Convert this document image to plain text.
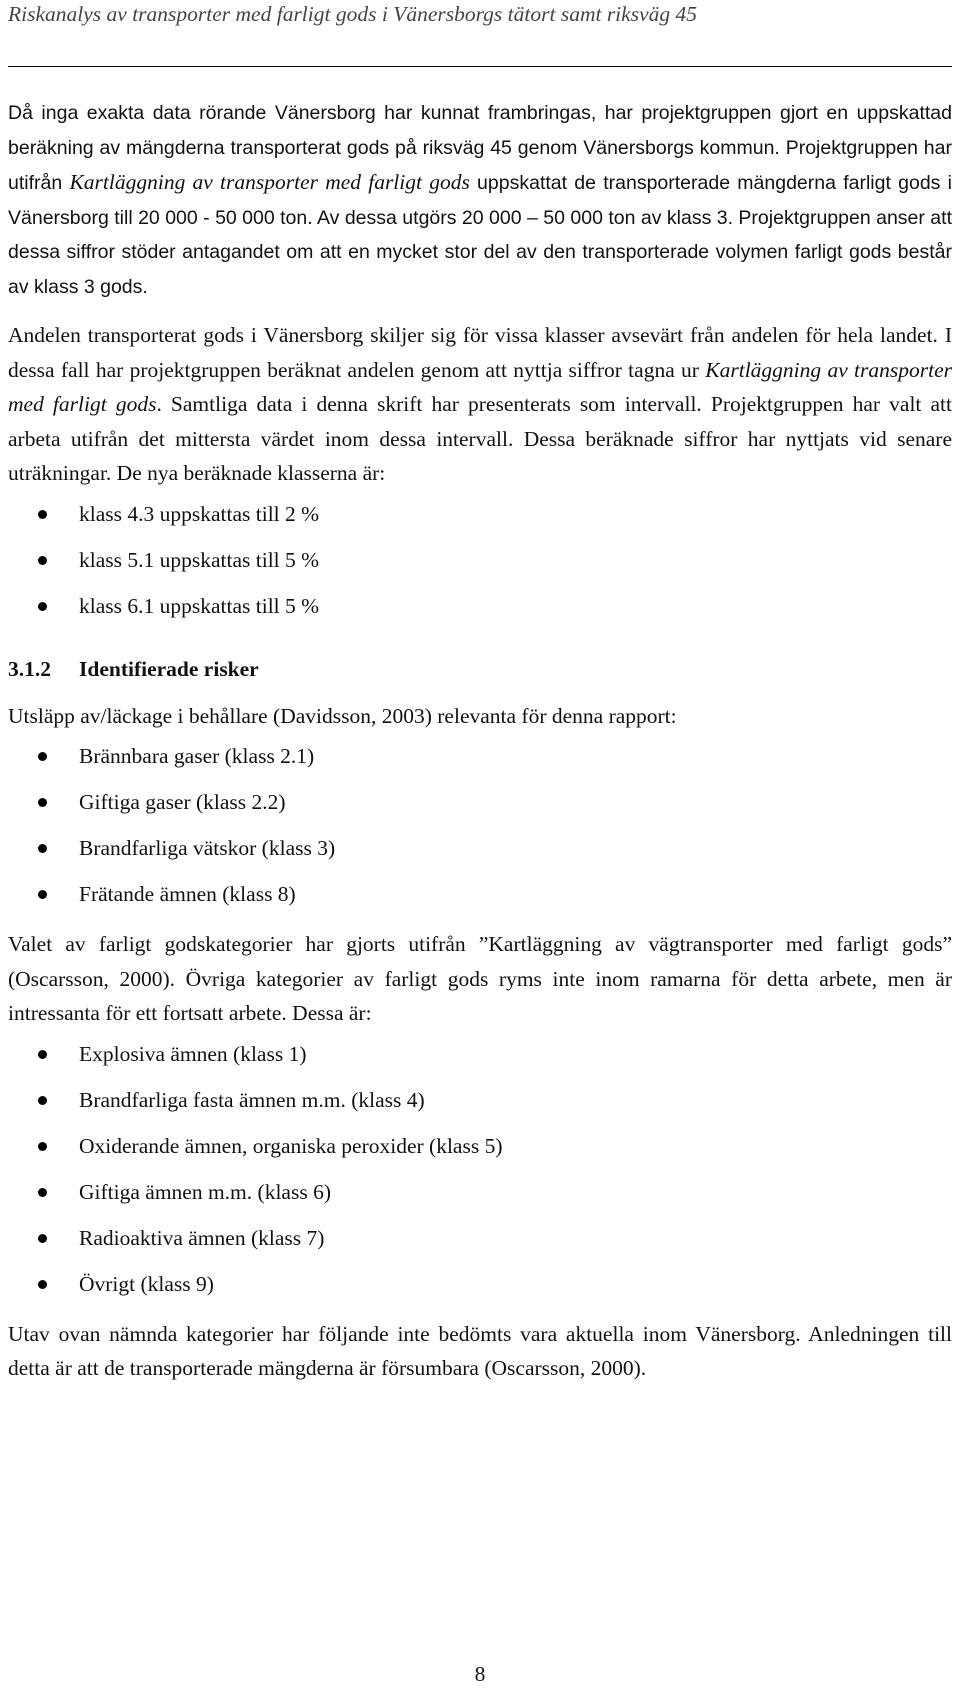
Riskanalys av transporter med farligt gods i Vänersborgs tätort samt riksväg 45

Då inga exakta data rörande Vänersborg har kunnat frambringas, har projektgruppen gjort en uppskattad beräkning av mängderna transporterat gods på riksväg 45 genom Vänersborgs kommun. Projektgruppen har utifrån Kartläggning av transporter med farligt gods uppskattat de transporterade mängderna farligt gods i Vänersborg till 20 000 - 50 000 ton. Av dessa utgörs 20 000 – 50 000 ton av klass 3. Projektgruppen anser att dessa siffror stöder antagandet om att en mycket stor del av den transporterade volymen farligt gods består av klass 3 gods.

Andelen transporterat gods i Vänersborg skiljer sig för vissa klasser avsevärt från andelen för hela landet. I dessa fall har projektgruppen beräknat andelen genom att nyttja siffror tagna ur Kartläggning av transporter med farligt gods. Samtliga data i denna skrift har presenterats som intervall. Projektgruppen har valt att arbeta utifrån det mittersta värdet inom dessa intervall. Dessa beräknade siffror har nyttjats vid senare uträkningar. De nya beräknade klasserna är:

klass 4.3 uppskattas till 2 %
klass 5.1 uppskattas till 5 %
klass 6.1 uppskattas till 5 %
3.1.2 Identifierade risker

Utsläpp av/läckage i behållare (Davidsson, 2003) relevanta för denna rapport:

Brännbara gaser (klass 2.1)
Giftiga gaser (klass 2.2)
Brandfarliga vätskor (klass 3)
Frätande ämnen (klass 8)

Valet av farligt godskategorier har gjorts utifrån ”Kartläggning av vägtransporter med farligt gods” (Oscarsson, 2000). Övriga kategorier av farligt gods ryms inte inom ramarna för detta arbete, men är intressanta för ett fortsatt arbete. Dessa är:

Explosiva ämnen (klass 1)
Brandfarliga fasta ämnen m.m. (klass 4)
Oxiderande ämnen, organiska peroxider (klass 5)
Giftiga ämnen m.m. (klass 6)
Radioaktiva ämnen (klass 7)
Övrigt (klass 9)

Utav ovan nämnda kategorier har följande inte bedömts vara aktuella inom Vänersborg. Anledningen till detta är att de transporterade mängderna är försumbara (Oscarsson, 2000).

8
